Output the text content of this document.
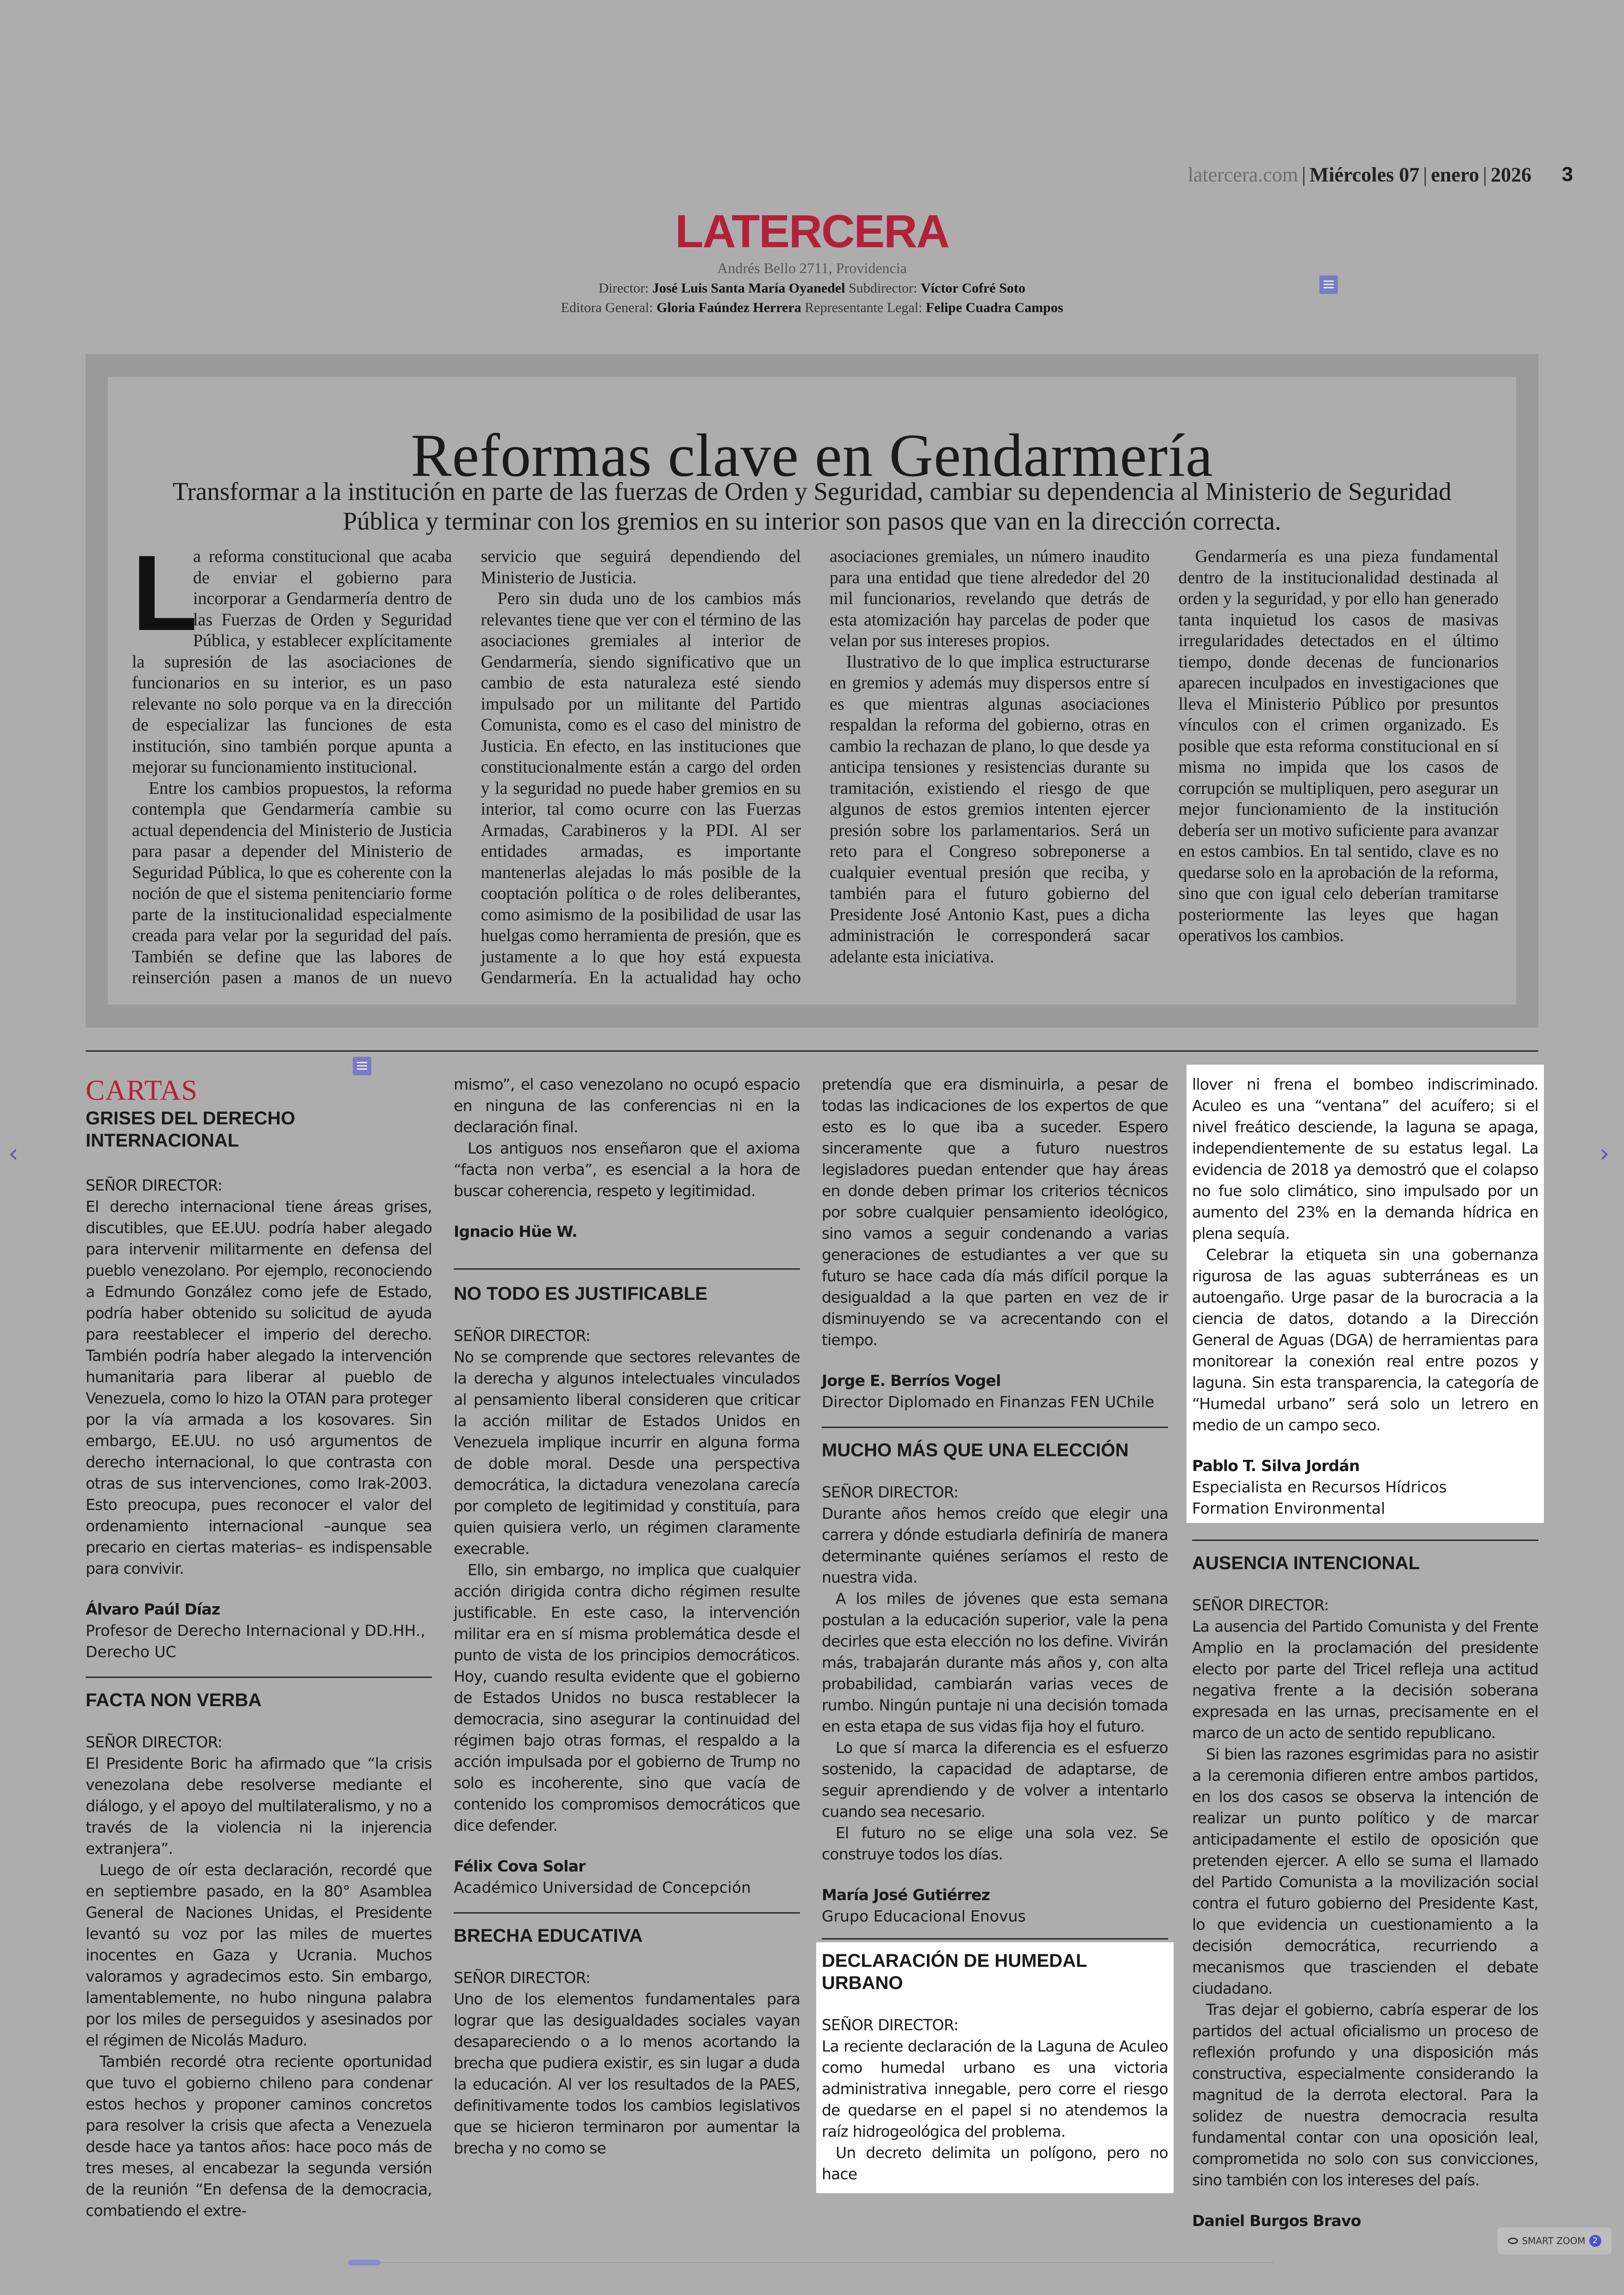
latercera.com | Miércoles 07 | enero | 2026 3
LATERCERA
Andrés Bello 2711, Providencia
Director: José Luis Santa María Oyanedel Subdirector: Víctor Cofré Soto
Editora General: Gloria Faúndez Herrera Representante Legal: Felipe Cuadra Campos
Reformas clave en Gendarmería
Transformar a la institución en parte de las fuerzas de Orden y Seguridad, cambiar su dependencia al Ministerio de Seguridad Pública y terminar con los gremios en su interior son pasos que van en la dirección correcta.

L
a reforma constitucional que acaba de enviar el gobierno para incorporar a Gendarmería dentro de las Fuerzas de Orden y Seguridad Pública, y establecer explícitamente la supresión de las asociaciones de funcionarios en su interior, es un paso relevante no solo porque va en la dirección de especializar las funciones de esta institución, sino también porque apunta a mejorar su funcionamiento institucional.

Entre los cambios propuestos, la reforma contempla que Gendarmería cambie su actual dependencia del Ministerio de Justicia para pasar a depender del Ministerio de Seguridad Pública, lo que es coherente con la noción de que el sistema penitenciario forme parte de la institucionalidad especialmente creada para velar por la seguridad del país. También se define que las labores de reinserción pasen a manos de un nuevo servicio que seguirá dependiendo del Ministerio de Justicia.

Pero sin duda uno de los cambios más relevantes tiene que ver con el término de las asociaciones gremiales al interior de Gendarmería, siendo significativo que un cambio de esta naturaleza esté siendo impulsado por un militante del Partido Comunista, como es el caso del ministro de Justicia. En efecto, en las instituciones que constitucionalmente están a cargo del orden y la seguridad no puede haber gremios en su interior, tal como ocurre con las Fuerzas Armadas, Carabineros y la PDI. Al ser entidades armadas, es importante mantenerlas alejadas lo más posible de la cooptación política o de roles deliberantes, como asimismo de la posibilidad de usar las huelgas como herramienta de presión, que es justamente a lo que hoy está expuesta Gendarmería. En la actualidad hay ocho asociaciones gremiales, un número inaudito para una entidad que tiene alrededor del 20 mil funcionarios, revelando que detrás de esta atomización hay parcelas de poder que velan por sus intereses propios.

Ilustrativo de lo que implica estructurarse en gremios y además muy dispersos entre sí es que mientras algunas asociaciones respaldan la reforma del gobierno, otras en cambio la rechazan de plano, lo que desde ya anticipa tensiones y resistencias durante su tramitación, existiendo el riesgo de que algunos de estos gremios intenten ejercer presión sobre los parlamentarios. Será un reto para el Congreso sobreponerse a cualquier eventual presión que reciba, y también para el futuro gobierno del Presidente José Antonio Kast, pues a dicha administración le corresponderá sacar adelante esta iniciativa.

Gendarmería es una pieza fundamental dentro de la institucionalidad destinada al orden y la seguridad, y por ello han generado tanta inquietud los casos de masivas irregularidades detectados en el último tiempo, donde decenas de funcionarios aparecen inculpados en investigaciones que lleva el Ministerio Público por presuntos vínculos con el crimen organizado. Es posible que esta reforma constitucional en sí misma no impida que los casos de corrupción se multipliquen, pero asegurar un mejor funcionamiento de la institución debería ser un motivo suficiente para avanzar en estos cambios. En tal sentido, clave es no quedarse solo en la aprobación de la reforma, sino que con igual celo deberían tramitarse posteriormente las leyes que hagan operativos los cambios.

CARTAS
GRISES DEL DERECHO INTERNACIONAL

SEÑOR DIRECTOR:

El derecho internacional tiene áreas grises, discutibles, que EE.UU. podría haber alegado para intervenir militarmente en defensa del pueblo venezolano. Por ejemplo, reconociendo a Edmundo González como jefe de Estado, podría haber obtenido su solicitud de ayuda para reestablecer el imperio del derecho. También podría haber alegado la intervención humanitaria para liberar al pueblo de Venezuela, como lo hizo la OTAN para proteger por la vía armada a los kosovares. Sin embargo, EE.UU. no usó argumentos de derecho internacional, lo que contrasta con otras de sus intervenciones, como Irak-2003. Esto preocupa, pues reconocer el valor del ordenamiento internacional –aunque sea precario en ciertas materias– es indispensable para convivir.

Álvaro Paúl Díaz

Profesor de Derecho Internacional y DD.HH., Derecho UC

FACTA NON VERBA

SEÑOR DIRECTOR:

El Presidente Boric ha afirmado que “la crisis venezolana debe resolverse mediante el diálogo, y el apoyo del multilateralismo, y no a través de la violencia ni la injerencia extranjera”.

Luego de oír esta declaración, recordé que en septiembre pasado, en la 80° Asamblea General de Naciones Unidas, el Presidente levantó su voz por las miles de muertes inocentes en Gaza y Ucrania. Muchos valoramos y agradecimos esto. Sin embargo, lamentablemente, no hubo ninguna palabra por los miles de perseguidos y asesinados por el régimen de Nicolás Maduro.

También recordé otra reciente oportunidad que tuvo el gobierno chileno para condenar estos hechos y proponer caminos concretos para resolver la crisis que afecta a Venezuela desde hace ya tantos años: hace poco más de tres meses, al encabezar la segunda versión de la reunión “En defensa de la democracia, combatiendo el extre-

mismo”, el caso venezolano no ocupó espacio en ninguna de las conferencias ni en la declaración final.

Los antiguos nos enseñaron que el axioma “facta non verba”, es esencial a la hora de buscar coherencia, respeto y legitimidad.

Ignacio Hüe W.

NO TODO ES JUSTIFICABLE

SEÑOR DIRECTOR:

No se comprende que sectores relevantes de la derecha y algunos intelectuales vinculados al pensamiento liberal consideren que criticar la acción militar de Estados Unidos en Venezuela implique incurrir en alguna forma de doble moral. Desde una perspectiva democrática, la dictadura venezolana carecía por completo de legitimidad y constituía, para quien quisiera verlo, un régimen claramente execrable.

Ello, sin embargo, no implica que cualquier acción dirigida contra dicho régimen resulte justificable. En este caso, la intervención militar era en sí misma problemática desde el punto de vista de los principios democráticos. Hoy, cuando resulta evidente que el gobierno de Estados Unidos no busca restablecer la democracia, sino asegurar la continuidad del régimen bajo otras formas, el respaldo a la acción impulsada por el gobierno de Trump no solo es incoherente, sino que vacía de contenido los compromisos democráticos que dice defender.

Félix Cova Solar

Académico Universidad de Concepción

BRECHA EDUCATIVA

SEÑOR DIRECTOR:

Uno de los elementos fundamentales para lograr que las desigualdades sociales vayan desapareciendo o a lo menos acortando la brecha que pudiera existir, es sin lugar a duda la educación. Al ver los resultados de la PAES, definitivamente todos los cambios legislativos que se hicieron terminaron por aumentar la brecha y no como se

pretendía que era disminuirla, a pesar de todas las indicaciones de los expertos de que esto es lo que iba a suceder. Espero sinceramente que a futuro nuestros legisladores puedan entender que hay áreas en donde deben primar los criterios técnicos por sobre cualquier pensamiento ideológico, sino vamos a seguir condenando a varias generaciones de estudiantes a ver que su futuro se hace cada día más difícil porque la desigualdad a la que parten en vez de ir disminuyendo se va acrecentando con el tiempo.

Jorge E. Berríos Vogel

Director Diplomado en Finanzas FEN UChile

MUCHO MÁS QUE UNA ELECCIÓN

SEÑOR DIRECTOR:

Durante años hemos creído que elegir una carrera y dónde estudiarla definiría de manera determinante quiénes seríamos el resto de nuestra vida.

A los miles de jóvenes que esta semana postulan a la educación superior, vale la pena decirles que esta elección no los define. Vivirán más, trabajarán durante más años y, con alta probabilidad, cambiarán varias veces de rumbo. Ningún puntaje ni una decisión tomada en esta etapa de sus vidas fija hoy el futuro.

Lo que sí marca la diferencia es el esfuerzo sostenido, la capacidad de adaptarse, de seguir aprendiendo y de volver a intentarlo cuando sea necesario.

El futuro no se elige una sola vez. Se construye todos los días.

María José Gutiérrez

Grupo Educacional Enovus

DECLARACIÓN DE HUMEDAL URBANO

SEÑOR DIRECTOR:

La reciente declaración de la Laguna de Aculeo como humedal urbano es una victoria administrativa innegable, pero corre el riesgo de quedarse en el papel si no atendemos la raíz hidrogeológica del problema.

Un decreto delimita un polígono, pero no hace

llover ni frena el bombeo indiscriminado. Aculeo es una “ventana” del acuífero; si el nivel freático desciende, la laguna se apaga, independientemente de su estatus legal. La evidencia de 2018 ya demostró que el colapso no fue solo climático, sino impulsado por un aumento del 23% en la demanda hídrica en plena sequía.

Celebrar la etiqueta sin una gobernanza rigurosa de las aguas subterráneas es un autoengaño. Urge pasar de la burocracia a la ciencia de datos, dotando a la Dirección General de Aguas (DGA) de herramientas para monitorear la conexión real entre pozos y laguna. Sin esta transparencia, la categoría de “Humedal urbano” será solo un letrero en medio de un campo seco.

Pablo T. Silva Jordán

Especialista en Recursos Hídricos

Formation Environmental

AUSENCIA INTENCIONAL

SEÑOR DIRECTOR:

La ausencia del Partido Comunista y del Frente Amplio en la proclamación del presidente electo por parte del Tricel refleja una actitud negativa frente a la decisión soberana expresada en las urnas, precisamente en el marco de un acto de sentido republicano.

Si bien las razones esgrimidas para no asistir a la ceremonia difieren entre ambos partidos, en los dos casos se observa la intención de realizar un punto político y de marcar anticipadamente el estilo de oposición que pretenden ejercer. A ello se suma el llamado del Partido Comunista a la movilización social contra el futuro gobierno del Presidente Kast, lo que evidencia un cuestionamiento a la decisión democrática, recurriendo a mecanismos que trascienden el debate ciudadano.

Tras dejar el gobierno, cabría esperar de los partidos del actual oficialismo un proceso de reflexión profundo y una disposición más constructiva, especialmente considerando la magnitud de la derrota electoral. Para la solidez de nuestra democracia resulta fundamental contar con una oposición leal, comprometida no solo con sus convicciones, sino también con los intereses del país.

Daniel Burgos Bravo

‹	›
SMART ZOOM 2
